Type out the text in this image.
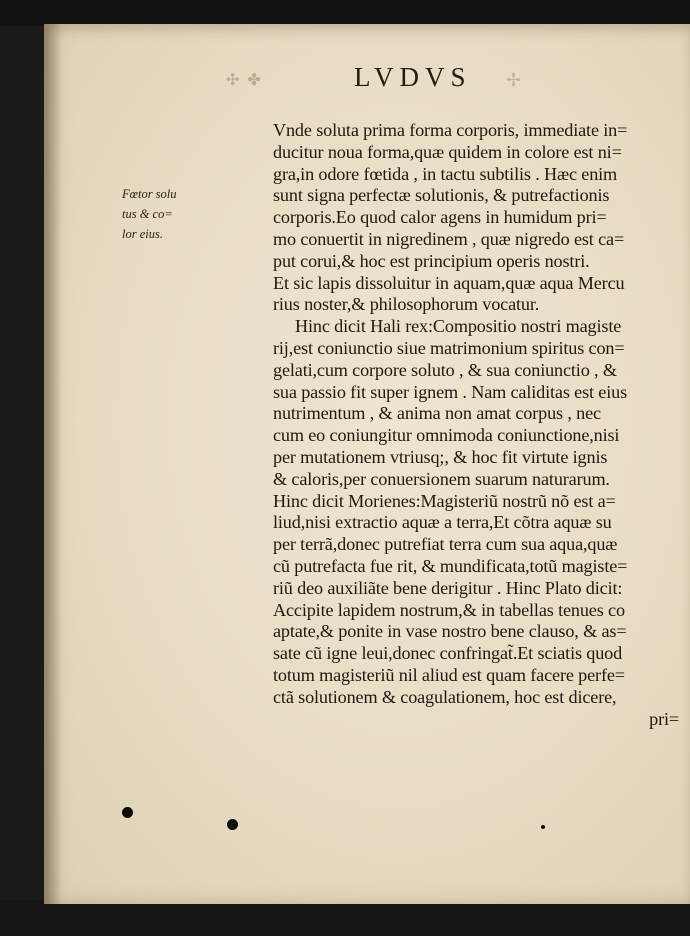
✣ ✤	LVDVS ✢
Fœtor solu
tus & co=
lor eius.
Vnde soluta prima forma corporis, immediate in=
ducitur noua forma,quæ quidem in colore est ni=
gra,in odore fœtida , in tactu subtilis . Hæc enim
sunt signa perfectæ solutionis, & putrefactionis
corporis.Eo quod calor agens in humidum pri=
mo conuertit in nigredinem , quæ nigredo est ca=
put corui,& hoc est principium operis nostri.
Et sic lapis dissoluitur in aquam,quæ aqua Mercu
rius noster,& philosophorum vocatur.
Hinc dicit Hali rex:Compositio nostri magiste
rij,est coniunctio siue matrimonium spiritus con=
gelati,cum corpore soluto , & sua coniunctio , &
sua passio fit super ignem . Nam caliditas est eius
nutrimentum , & anima non amat corpus , nec
cum eo coniungitur omnimoda coniunctione,nisi
per mutationem vtriusq;, & hoc fit virtute ignis
& caloris,per conuersionem suarum naturarum.
Hinc dicit Morienes:Magisteriũ nostrũ nõ est a=
liud,nisi extractio aquæ a terra,Et cõtra aquæ su
per terrã,donec putrefiat terra cum sua aqua,quæ
cũ putrefacta fue rit, & mundificata,totũ magiste=
riũ deo auxiliãte bene derigitur . Hinc Plato dicit:
Accipite lapidem nostrum,& in tabellas tenues co
aptate,& ponite in vase nostro bene clauso, & as=
sate cũ igne leui,donec confringat̃.Et sciatis quod
totum magisteriũ nil aliud est quam facere perfe=
ctã solutionem & coagulationem, hoc est dicere,
pri=
